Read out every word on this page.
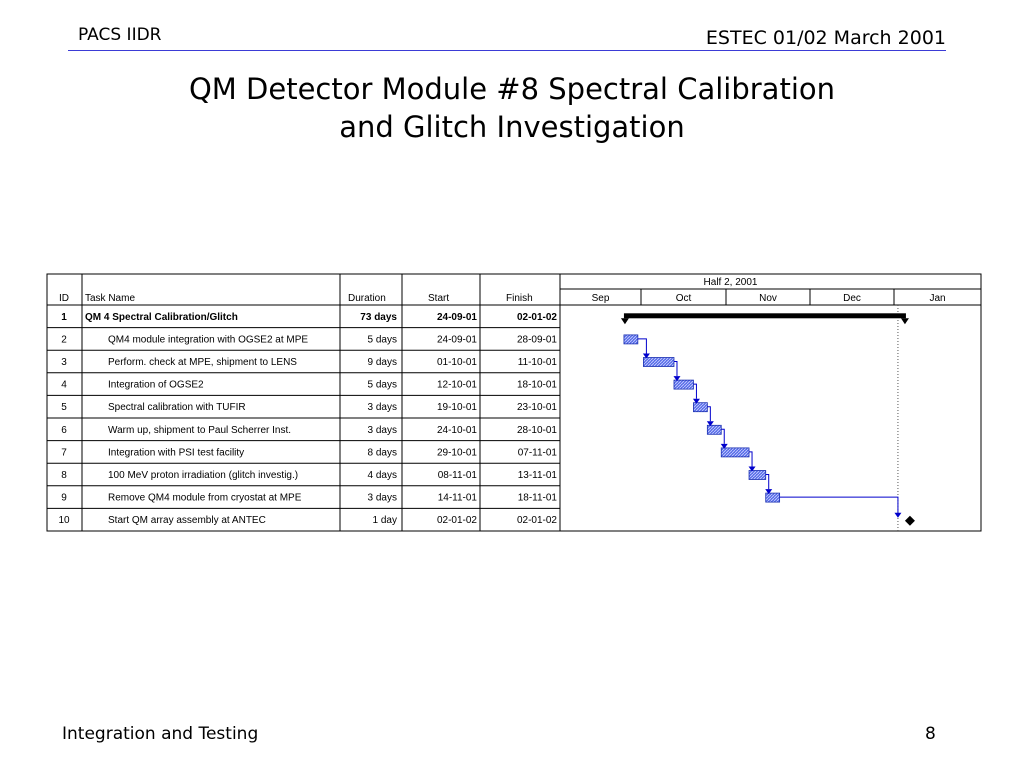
PACS IIDR	ESTEC 01/02 March 2001
QM Detector Module #8 Spectral Calibration
and Glitch Investigation
Half 2, 2001
Sep	Oct	Nov	Dec	Jan
ID Task Name	Duration	Start	Finish
1 QM 4 Spectral Calibration/Glitch	73 days	24-09-01	02-01-02
2	QM4 module integration with OGSE2 at MPE	5 days	24-09-01	28-09-01
3	Perform. check at MPE, shipment to LENS	9 days	01-10-01	11-10-01
4	Integration of OGSE2	5 days	12-10-01	18-10-01
5	Spectral calibration with TUFIR	3 days	19-10-01	23-10-01
6	Warm up, shipment to Paul Scherrer Inst.	3 days	24-10-01	28-10-01
7	Integration with PSI test facility	8 days	29-10-01	07-11-01
8	100 MeV proton irradiation (glitch investig.)	4 days	08-11-01	13-11-01
9	Remove QM4 module from cryostat at MPE	3 days	14-11-01	18-11-01
10	Start QM array assembly at ANTEC	1 day	02-01-02	02-01-02
Integration and Testing	8
